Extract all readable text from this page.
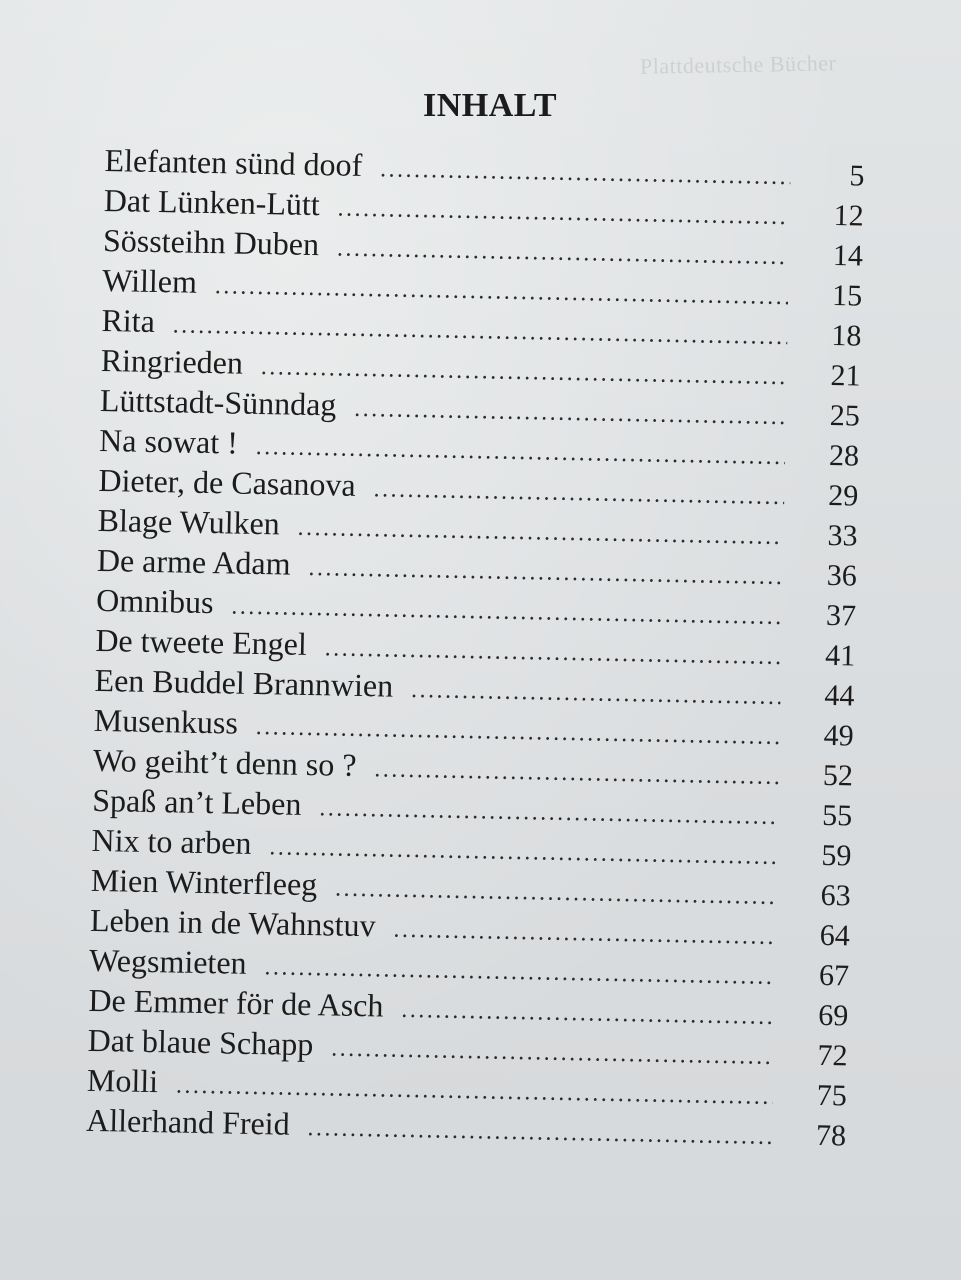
Plattdeutsche Bücher
INHALT
Elefanten sünd doof .....	5
Dat Lünken-Lütt .....	12
Sössteihn Duben .....	14
Willem .....	15
Rita .....	18
Ringrieden .....	21
Lüttstadt-Sünndag .....	25
Na sowat ! .....	28
Dieter, de Casanova .....	29
Blage Wulken .....	33
De arme Adam .....	36
Omnibus .....	37
De tweete Engel .....	41
Een Buddel Brannwien .....	44
Musenkuss .....	49
Wo geiht’t denn so ? .....	52
Spaß an’t Leben .....	55
Nix to arben .....	59
Mien Winterfleeg .....	63
Leben in de Wahnstuv .....	64
Wegsmieten .....	67
De Emmer för de Asch .....	69
Dat blaue Schapp .....	72
Molli .....	75
Allerhand Freid .....	78
